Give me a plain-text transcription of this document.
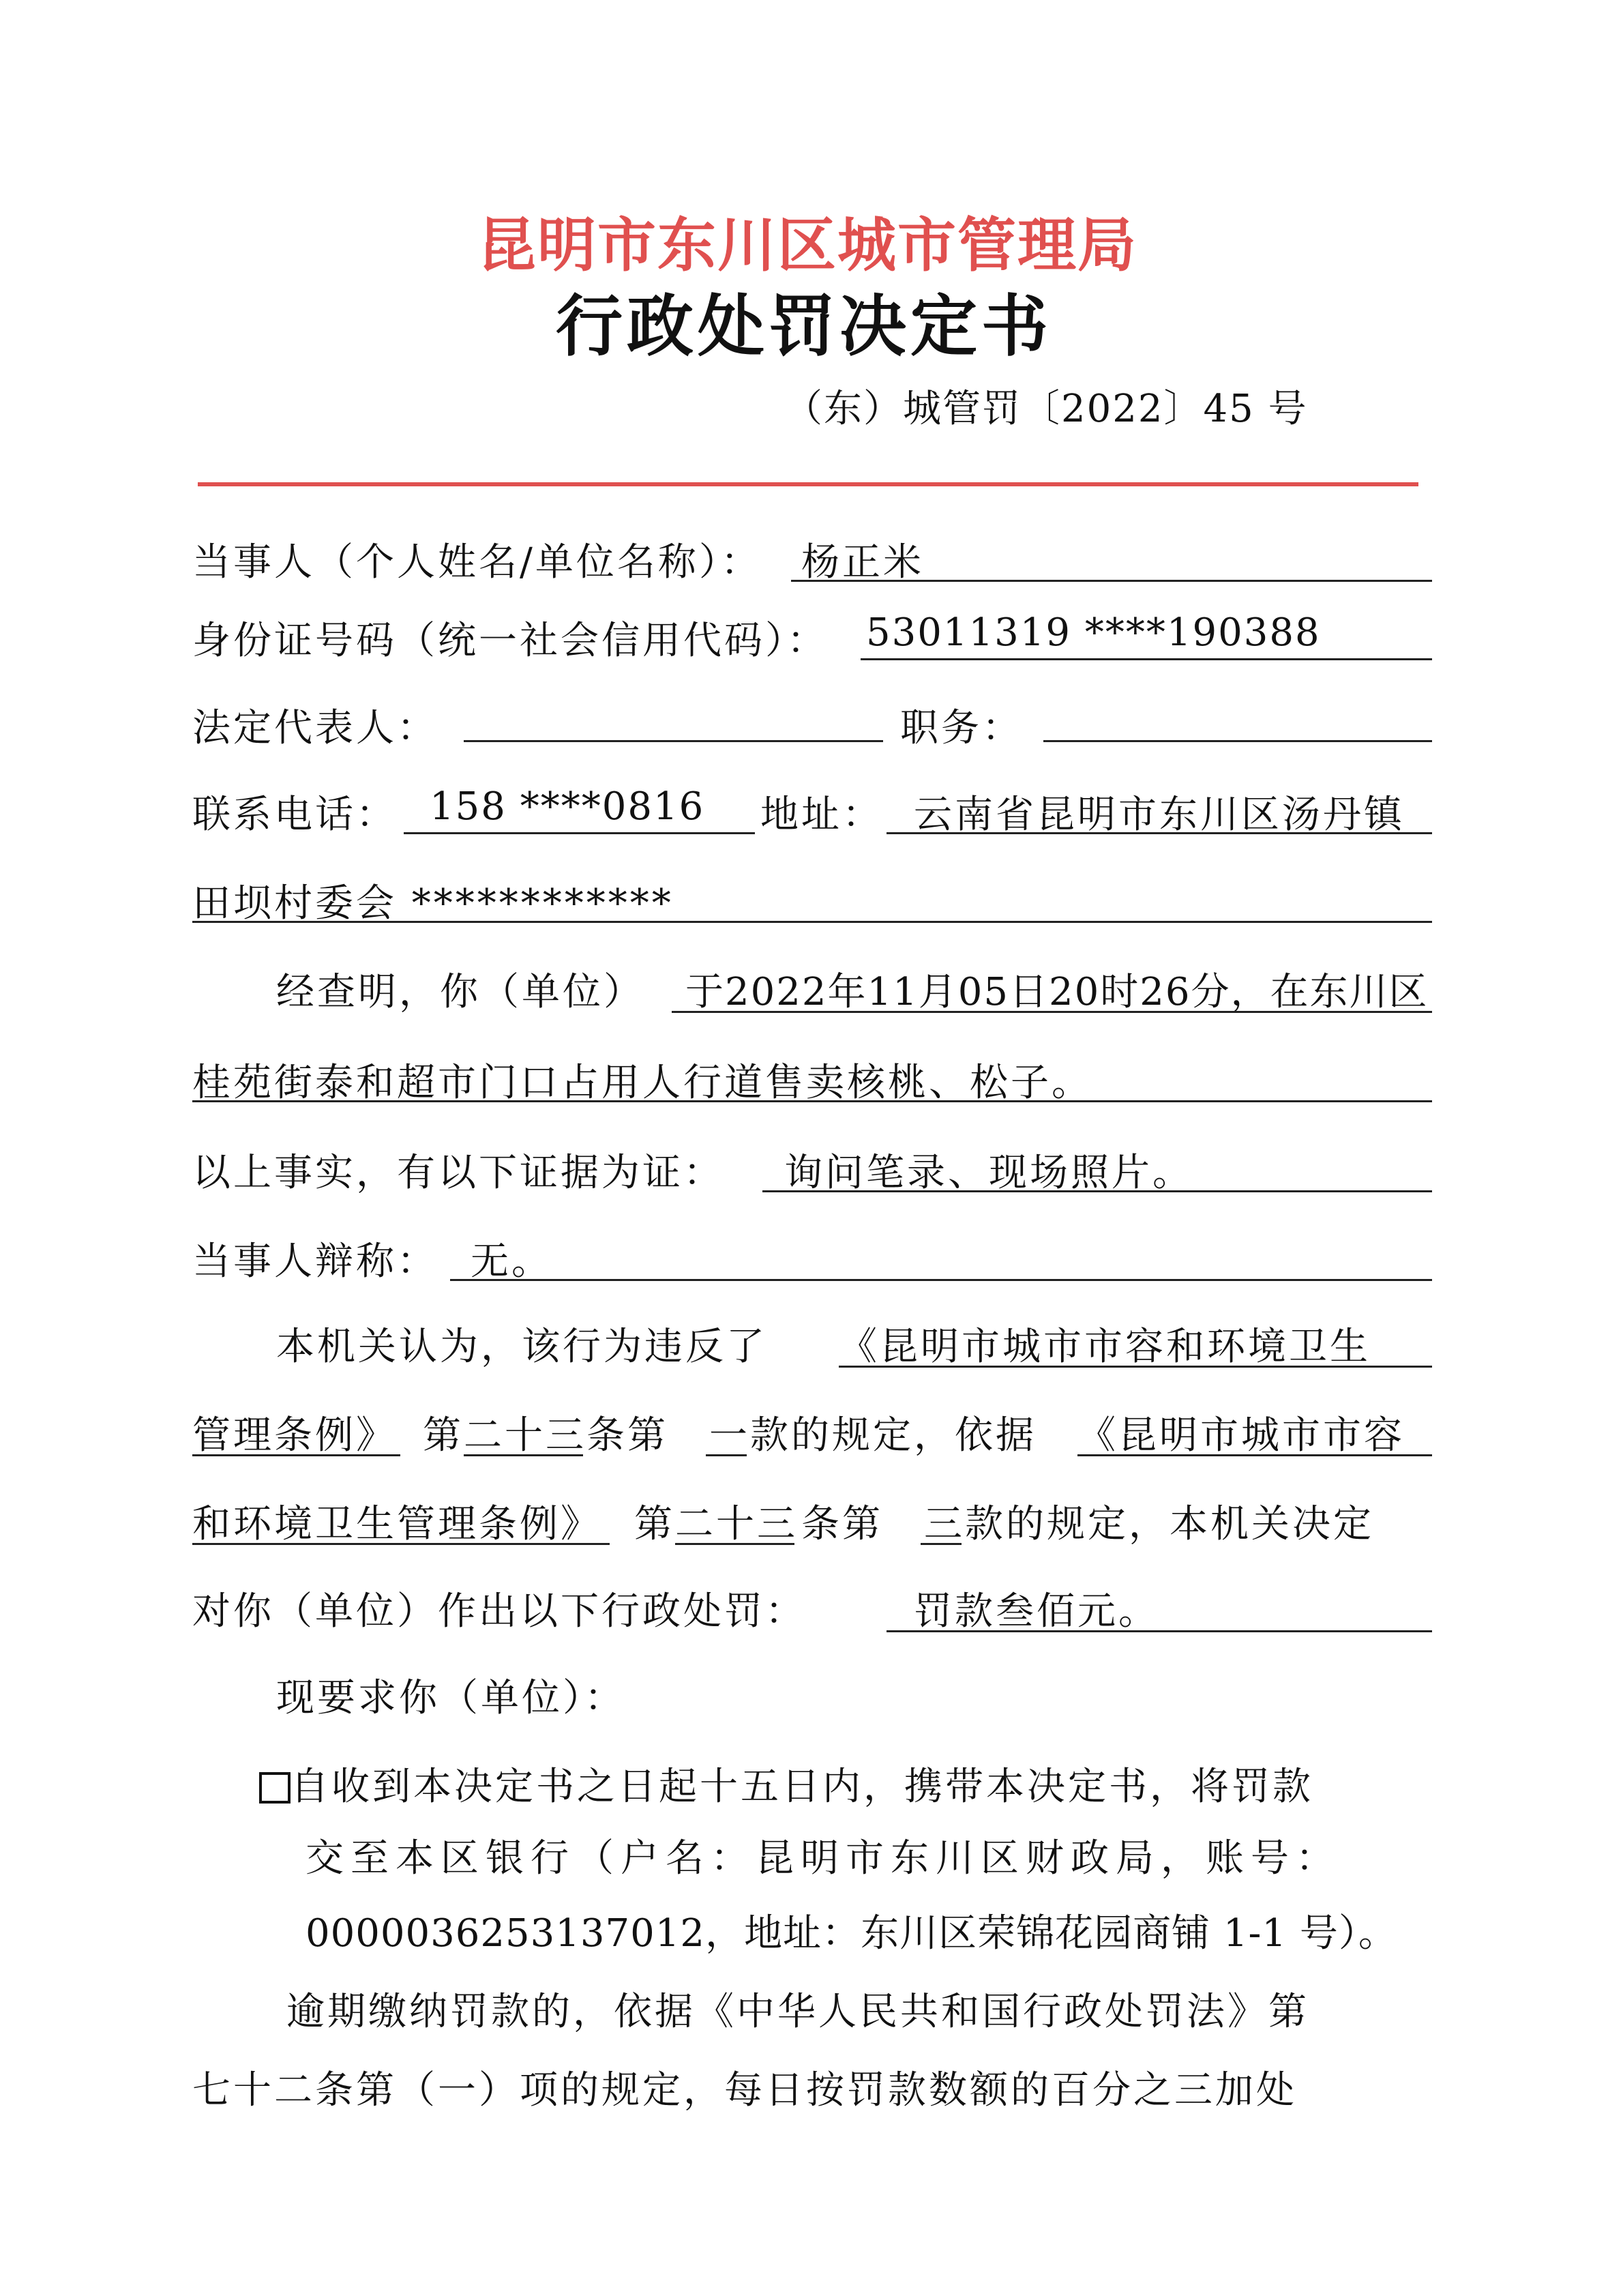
昆明市东川区城市管理局
行政处罚决定书
（东）城管罚〔2022〕45 号
当事人（个人姓名/单位名称）： 杨正米
身份证号码（统一社会信用代码）： 53011319 ****190388
法定代表人：	职务：
联系电话： 158 ****0816 地址： 云南省昆明市东川区汤丹镇
田坝村委会 ************
经查明，你（单位） 于2022年11月05日20时26分，在东川区
桂苑街泰和超市门口占用人行道售卖核桃、松子。
以上事实，有以下证据为证： 询问笔录、现场照片。
当事人辩称： 无。
本机关认为，该行为违反了 《昆明市城市市容和环境卫生
管理条例》 第 二十三 条第 一 款的规定，依据 《昆明市城市市容
和环境卫生管理条例》 第 二十三 条第 三 款的规定，本机关决定
对你（单位）作出以下行政处罚：	罚款叁佰元。
现要求你（单位）：
自收到本决定书之日起十五日内，携带本决定书，将罚款
交至本区银行（户名：昆明市东川区财政局，账号：
0000036253137012，地址：东川区荣锦花园商铺 1-1 号）。
逾期缴纳罚款的，依据《中华人民共和国行政处罚法》第
七十二条第（一）项的规定，每日按罚款数额的百分之三加处
